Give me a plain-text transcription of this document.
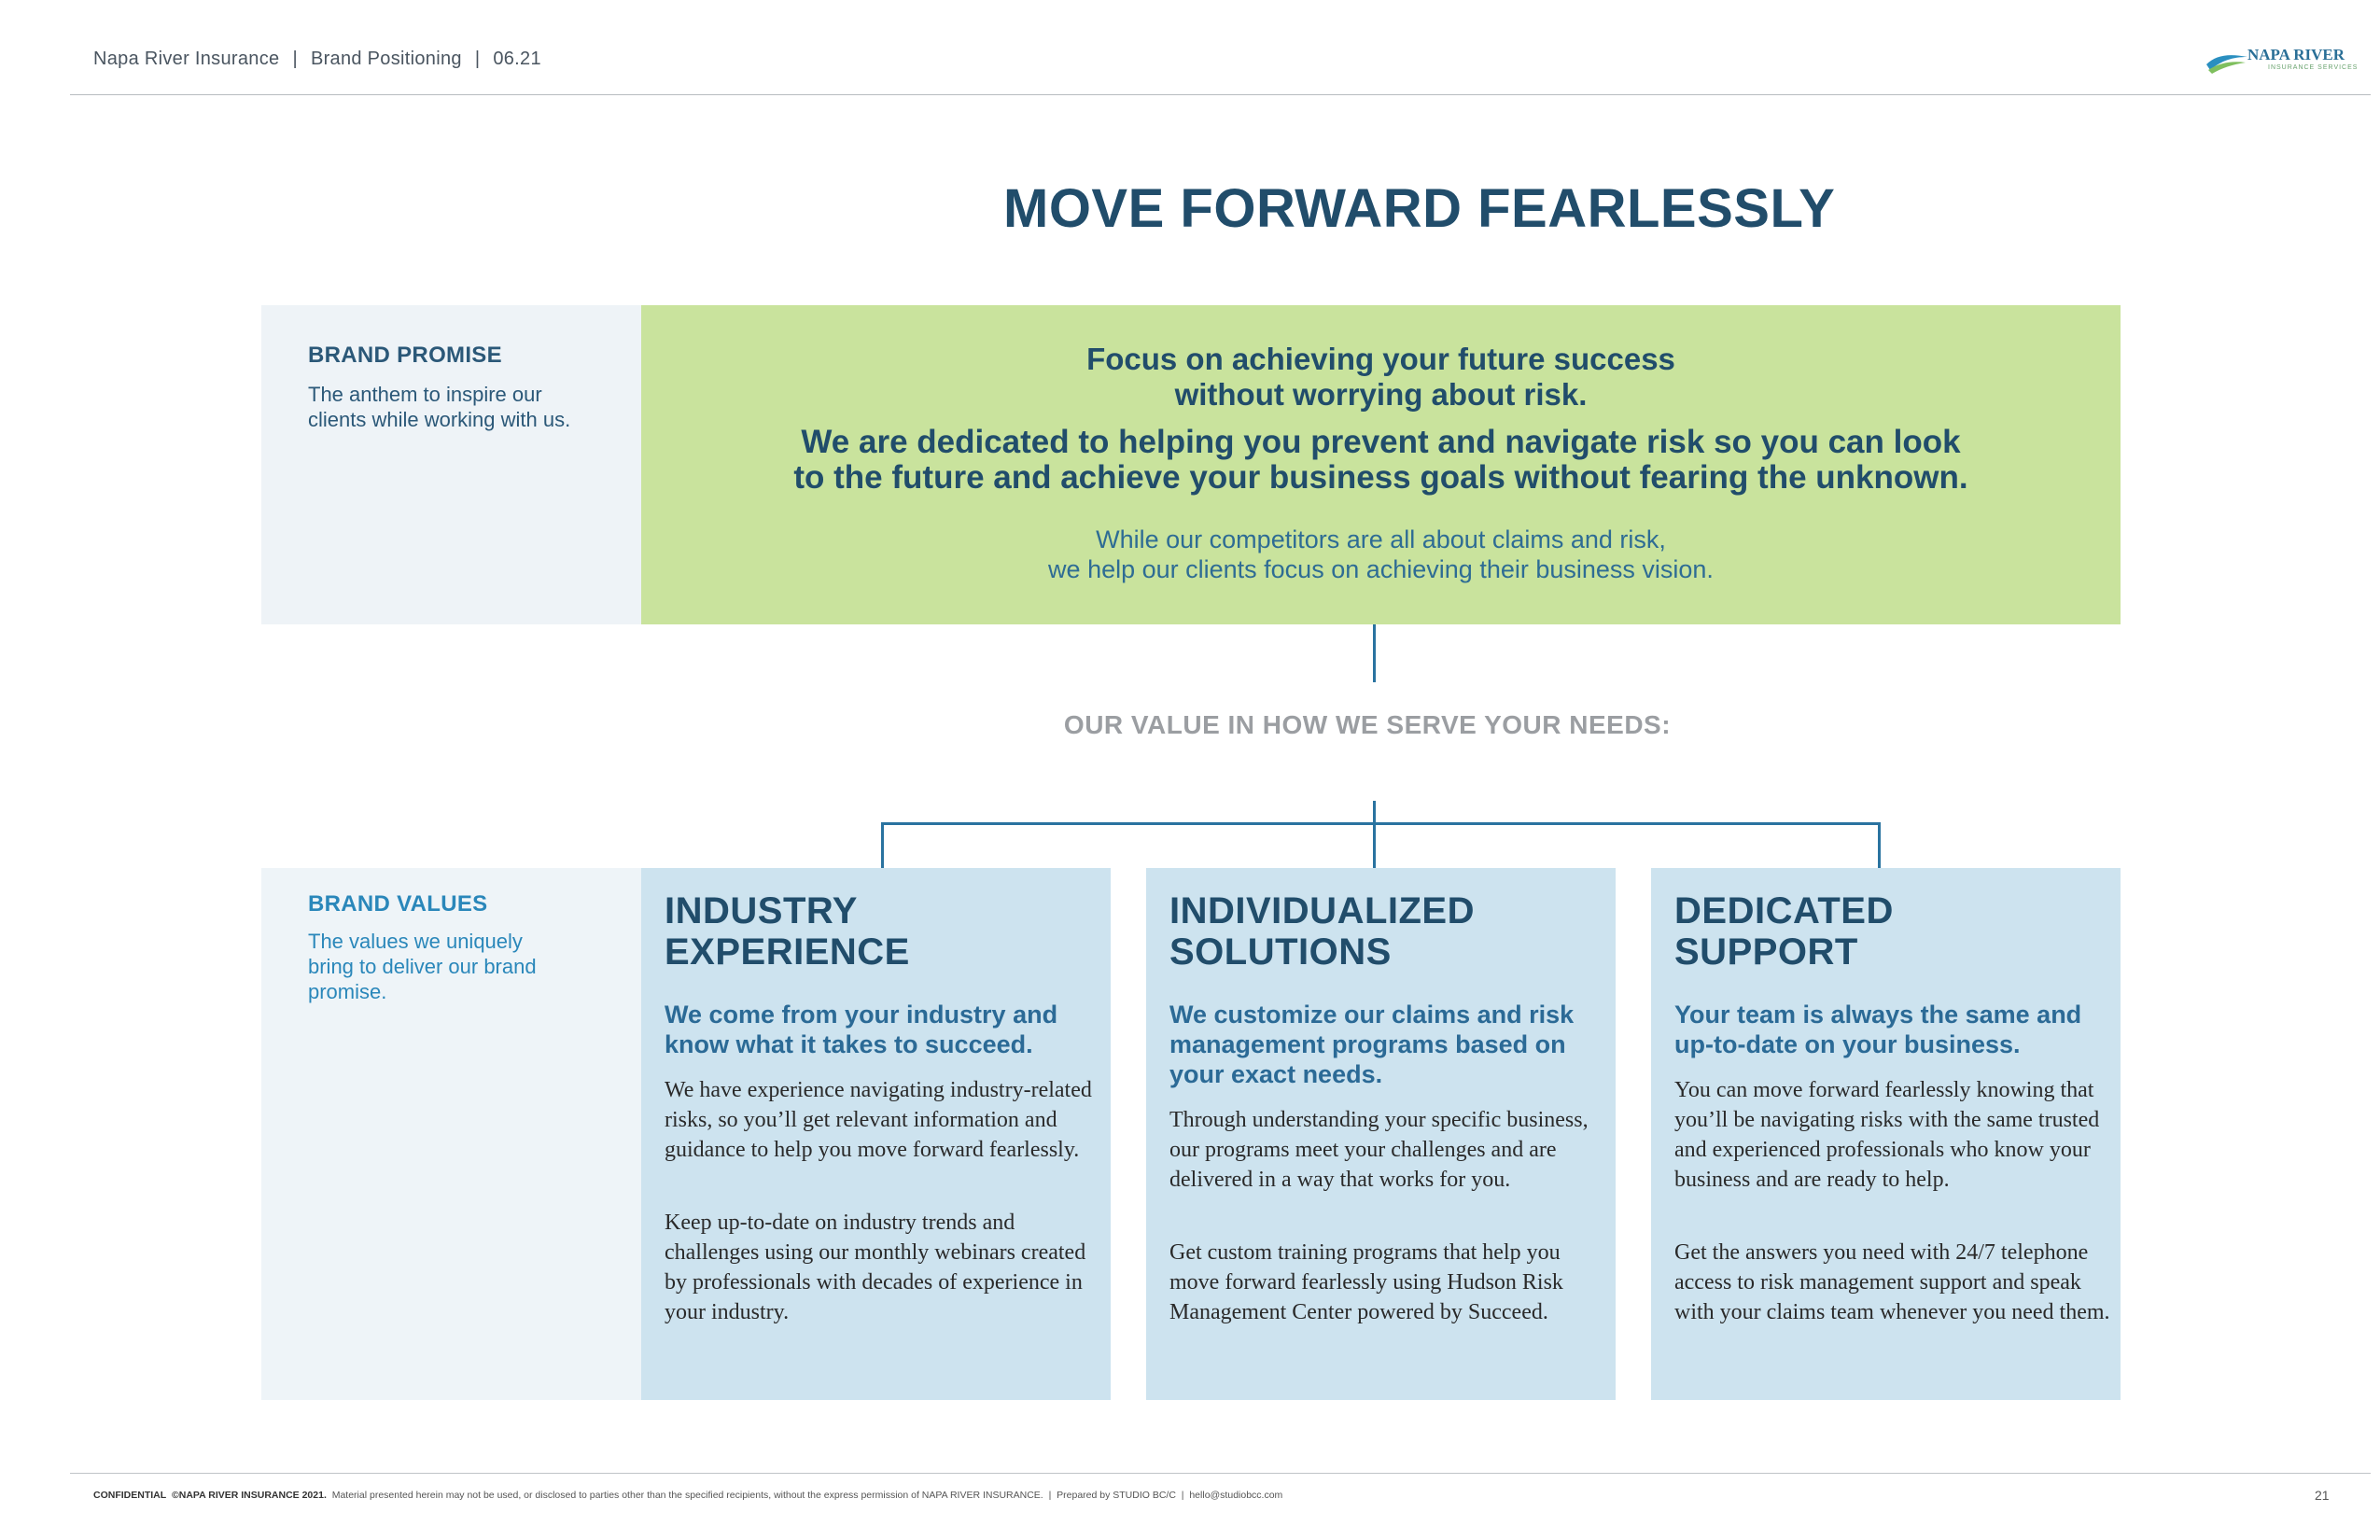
Napa River Insurance | Brand Positioning | 06.21	NAPA RIVER
INSURANCE SERVICES
MOVE FORWARD FEARLESSLY
BRAND PROMISE
The anthem to inspire our clients while working with us.
Focus on achieving your future success
without worrying about risk.
We are dedicated to helping you prevent and navigate risk so you can look
to the future and achieve your business goals without fearing the unknown.
While our competitors are all about claims and risk,
we help our clients focus on achieving their business vision.
OUR VALUE IN HOW WE SERVE YOUR NEEDS:
BRAND VALUES
The values we uniquely bring to deliver our brand promise.
INDUSTRY
EXPERIENCE
We come from your industry and know what it takes to succeed.
We have experience navigating industry-related risks, so you’ll get relevant information and guidance to help you move forward fearlessly.
Keep up-to-date on industry trends and challenges using our monthly webinars created by professionals with decades of experience in your industry.
INDIVIDUALIZED
SOLUTIONS
We customize our claims and risk management programs based on your exact needs.
Through understanding your specific business, our programs meet your challenges and are delivered in a way that works for you.
Get custom training programs that help you move forward fearlessly using Hudson Risk Management Center powered by Succeed.
DEDICATED
SUPPORT
Your team is always the same and up-to-date on your business.
You can move forward fearlessly knowing that you’ll be navigating risks with the same trusted and experienced professionals who know your business and are ready to help.
Get the answers you need with 24/7 telephone access to risk management support and speak with your claims team whenever you need them.
CONFIDENTIAL ©NAPA RIVER INSURANCE 2021. Material presented herein may not be used, or disclosed to parties other than the specified recipients, without the express permission of NAPA RIVER INSURANCE.  |  Prepared by STUDIO BC/C  |  hello@studiobcc.com	21
